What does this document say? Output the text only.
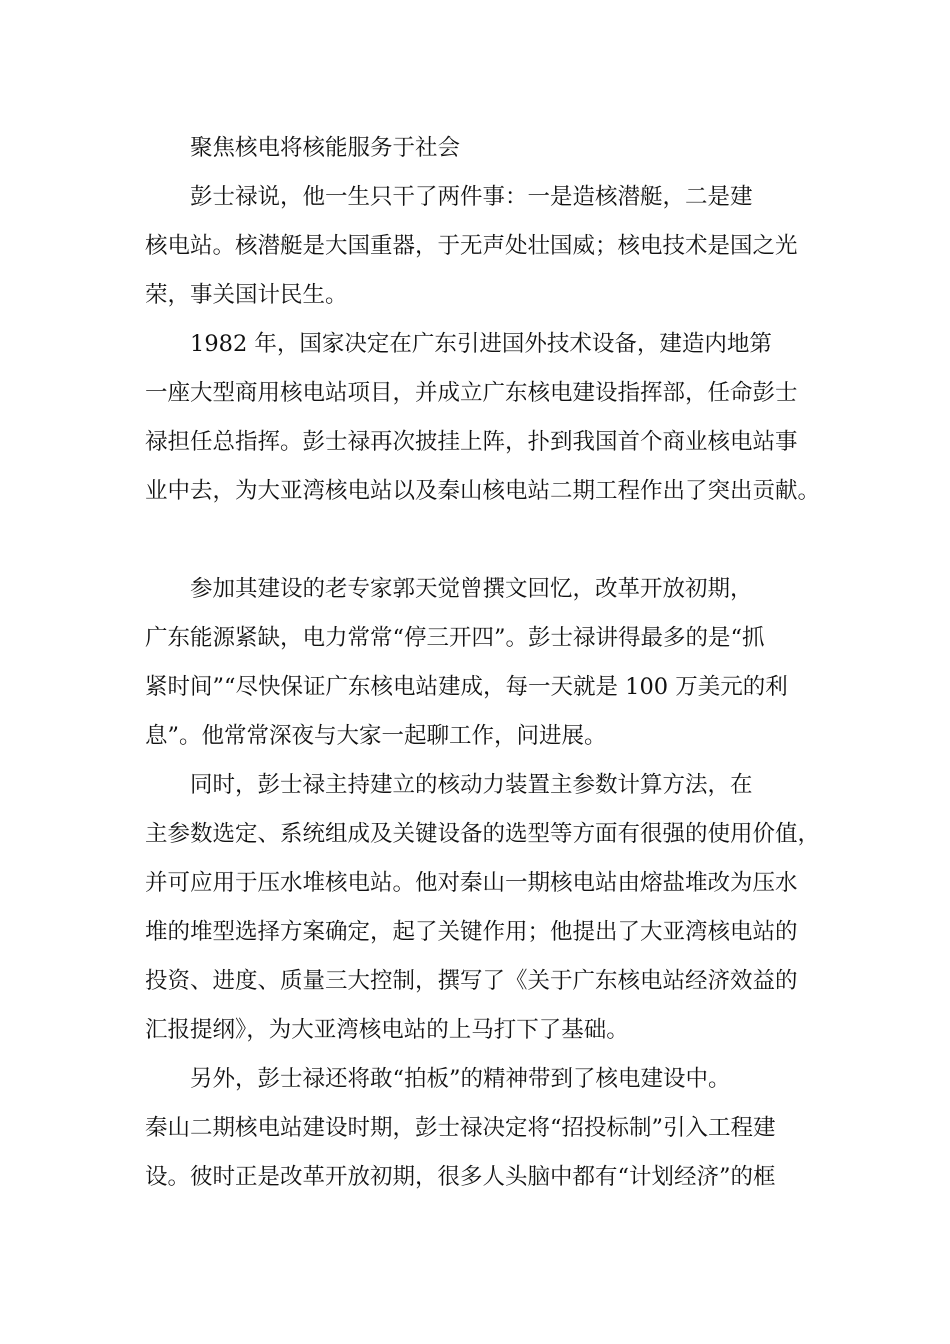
聚焦核电将核能服务于社会

彭士禄说，他一生只干了两件事：一是造核潜艇，二是建
核电站。核潜艇是大国重器，于无声处壮国威；核电技术是国之光
荣，事关国计民生。

1982 年，国家决定在广东引进国外技术设备，建造内地第
一座大型商用核电站项目，并成立广东核电建设指挥部，任命彭士
禄担任总指挥。彭士禄再次披挂上阵，扑到我国首个商业核电站事
业中去，为大亚湾核电站以及秦山核电站二期工程作出了突出贡献。

参加其建设的老专家郭天觉曾撰文回忆，改革开放初期，
广东能源紧缺，电力常常“停三开四”。彭士禄讲得最多的是“抓
紧时间”“尽快保证广东核电站建成，每一天就是 100 万美元的利
息”。他常常深夜与大家一起聊工作，问进展。

同时，彭士禄主持建立的核动力装置主参数计算方法，在
主参数选定、系统组成及关键设备的选型等方面有很强的使用价值，
并可应用于压水堆核电站。他对秦山一期核电站由熔盐堆改为压水
堆的堆型选择方案确定，起了关键作用；他提出了大亚湾核电站的
投资、进度、质量三大控制，撰写了《关于广东核电站经济效益的
汇报提纲》，为大亚湾核电站的上马打下了基础。

另外，彭士禄还将敢“拍板”的精神带到了核电建设中。
秦山二期核电站建设时期，彭士禄决定将“招投标制”引入工程建
设。彼时正是改革开放初期，很多人头脑中都有“计划经济”的框
